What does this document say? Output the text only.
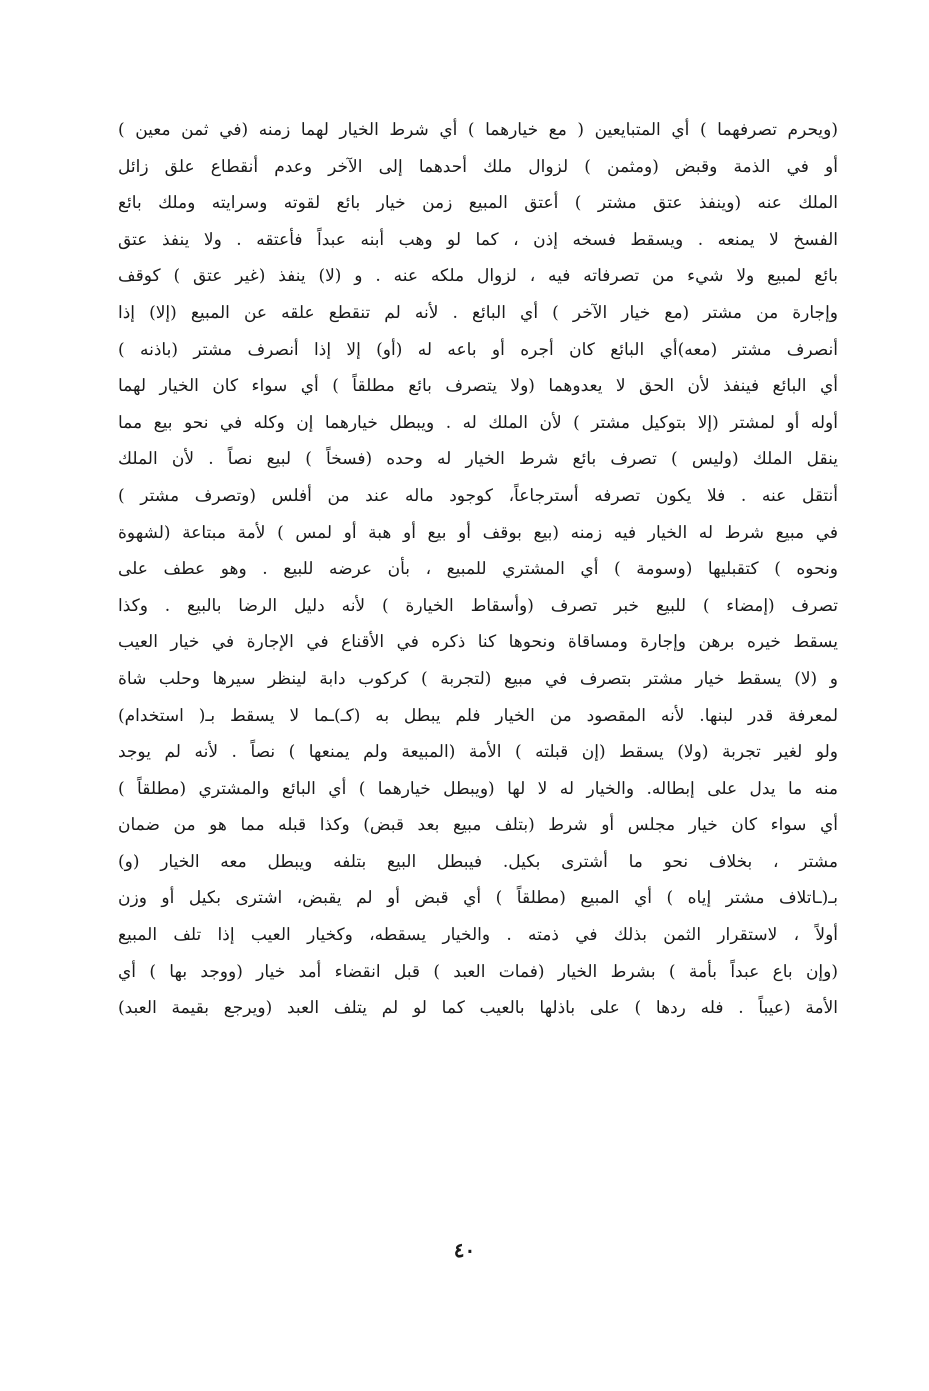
(ويحرم تصرفهما ) أي المتبايعين ( مع خيارهما ) أي شرط الخيار لهما زمنه (في ثمن معين )
أو في الذمة وقبض (ومثمن ) لزوال ملك أحدهما إلى الآخر وعدم أنقطاع علق زائل
الملك عنه (وينفذ عتق مشتر ) أعتق المبيع زمن خيار بائع لقوته وسرايته وملك بائع
الفسخ لا يمنعه . ويسقط فسخه إذن ، كما لو وهب أبنه عبداً فأعتقه . ولا ينفذ عتق
بائع لمبيع ولا شيء من تصرفاته فيه ، لزوال ملكه عنه . و (لا) ينفذ (غير عتق ) كوقف
وإجارة من مشتر (مع خيار الآخر ) أي البائع . لأنه لم تنقطع علقه عن المبيع (إلا) إذا
أنصرف مشتر (معه)أي البائع كان أجره أو باعه له (أو) إلا إذا أنصرف مشتر (باذنه )
أي البائع فينفذ لأن الحق لا يعدوهما (ولا يتصرف بائع مطلقاً ) أي سواء كان الخيار لهما
أوله أو لمشتر (إلا بتوكيل مشتر ) لأن الملك له . ويبطل خيارهما إن وكله في نحو بيع مما
ينقل الملك (وليس ) تصرف بائع شرط الخيار له وحده (فسخاً ) لبيع نصاً . لأن الملك
أنتقل عنه . فلا يكون تصرفه أسترجاعاً، كوجود ماله عند من أفلس (وتصرف مشتر )
في مبيع شرط له الخيار فيه زمنه (بيع بوقف أو بيع أو هبة أو لمس ) لأمة مبتاعة (لشهوة
ونحوه ) كتقبليها (وسومة ) أي المشتري للمبيع ، بأن عرضه للبيع . وهو عطف على
تصرف (إمضاء ) للبيع خبر تصرف (وأسقاط الخيارة ) لأنه دليل الرضا بالبيع . وكذا
يسقط خيره برهن وإجارة ومساقاة ونحوها كنا ذكره في الأقناع في الإجارة في خيار العيب
و (لا) يسقط خيار مشتر بتصرف في مبيع (لتجربة ) كركوب دابة لينظر سيرها وحلب شاة
لمعرفة قدر لبنها. لأنه المقصود من الخيار فلم يبطل به (كـ)ـما لا يسقط بـ( استخدام)
ولو لغير تجربة (ولا) يسقط (إن قبلته ) الأمة (المبيعة ولم يمنعها ) نصاً . لأنه لم يوجد
منه ما يدل على إبطاله. والخيار له لا لها (ويبطل خيارهما ) أي البائع والمشتري (مطلقاً )
أي سواء كان خيار مجلس أو شرط (بتلف مبيع بعد قبض) وكذا قبله مما هو من ضمان
مشتر ، بخلاف نحو ما أشترى بكيل. فيبطل البيع بتلفه ويبطل معه الخيار (و)
بـ(ـاتلاف مشتر إياه ) أي المبيع (مطلقاً ) أي قبض أو لم يقبض، اشترى بكيل أو وزن
أولاً ، لاستقرار الثمن بذلك في ذمته . والخيار يسقطه، وكخيار العيب إذا تلف المبيع
(وإن باع عبداً بأمة ) بشرط الخيار (فمات العبد ) قبل انقضاء أمد خيار (ووجد بها ) أي
الأمة (عيباً . فله ردها ) على باذلها بالعيب كما لو لم يتلف العبد (ويرجع بقيمة العبد)
٤٠
